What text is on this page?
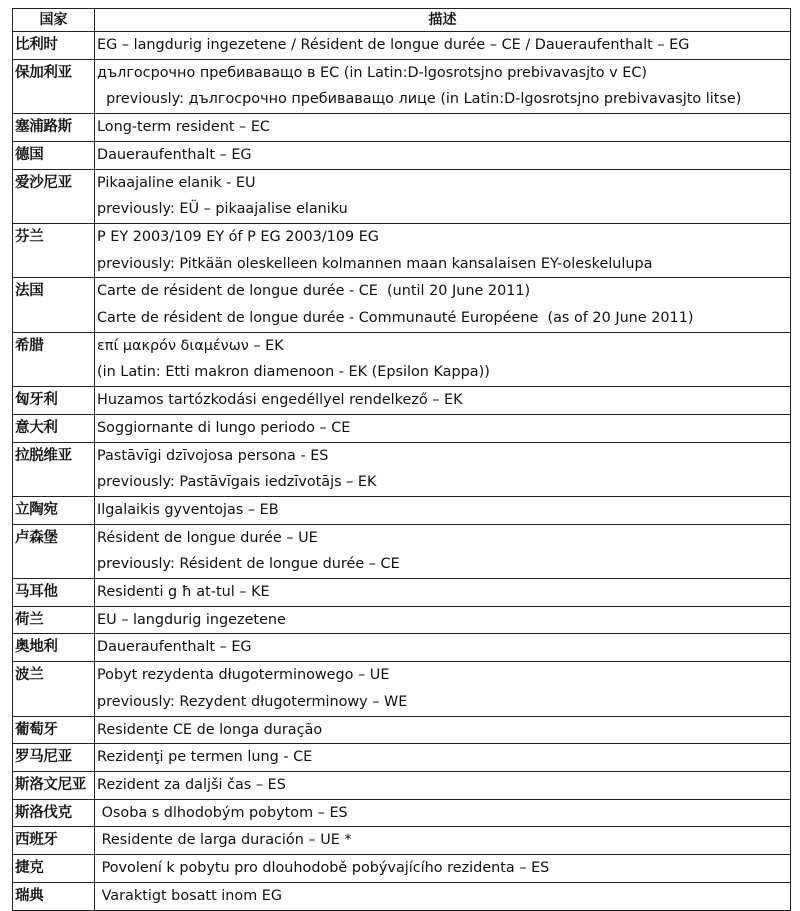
国家	描述
比利时	EG – langdurig ingezetene / Résident de longue durée – CE / Daueraufenthalt – EG

保加利亚	дългосрочно пребиваващо в ЕС (in Latin:D-lgosrotsjno prebivavasjto v EC)
previously: дългосрочно пребиваващо лице (in Latin:D-lgosrotsjno prebivavasjto litse)

塞浦路斯	Long-term resident – EC

德国	Daueraufenthalt – EG

爱沙尼亚	Pikaajaline elanik - EU
previously: EÜ – pikaajalise elaniku

芬兰	P EY 2003/109 EY óf P EG 2003/109 EG
previously: Pitkään oleskelleen kolmannen maan kansalaisen EY-oleskelulupa

法国	Carte de résident de longue durée - CE  (until 20 June 2011)
Carte de résident de longue durée - Communauté Européene  (as of 20 June 2011)

希腊	επί μακρόν διαμένων – EK
(in Latin: Etti makron diamenoon - EK (Epsilon Kappa))

匈牙利	Huzamos tartózkodási engedéllyel rendelkező – EK

意大利	Soggiornante di lungo periodo – CE

拉脱维亚	Pastāvīgi dzīvojosa persona - ES
previously: Pastāvīgais iedzīvotājs – EK

立陶宛	Ilgalaikis gyventojas – EB

卢森堡	Résident de longue durée – UE
previously: Résident de longue durée – CE

马耳他	Residenti g ħ at-tul – KE

荷兰	EU – langdurig ingezetene

奥地利	Daueraufenthalt – EG

波兰	Pobyt rezydenta długoterminowego – UE
previously: Rezydent długoterminowy – WE

葡萄牙	Residente CE de longa duração

罗马尼亚	Rezidenţi pe termen lung - CE

斯洛文尼亚	Rezident za daljši čas – ES

斯洛伐克	Osoba s dlhodobým pobytom – ES

西班牙	Residente de larga duración – UE *

捷克	Povolení k pobytu pro dlouhodobě pobývajícího rezidenta – ES

瑞典	Varaktigt bosatt inom EG
